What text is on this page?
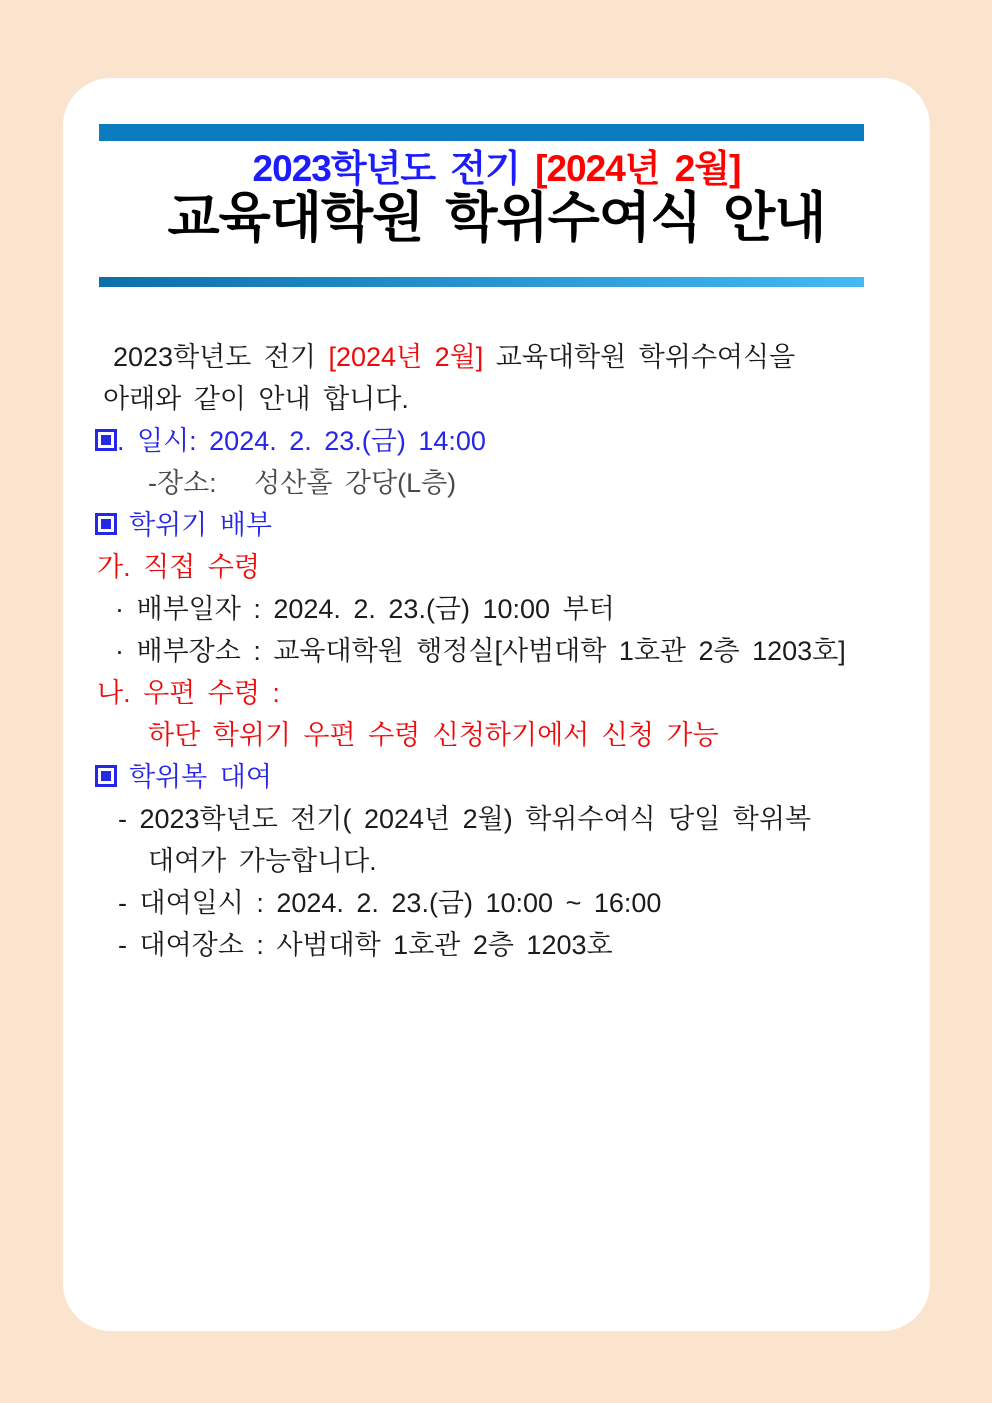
2023학년도 전기 [2024년 2월]
교육대학원 학위수여식 안내

2023학년도 전기 [2024년 2월] 교육대학원 학위수여식을

아래와 같이 안내 합니다.

. 일시: 2024. 2. 23.(금) 14:00

-장소:   성산홀 강당(L층)

학위기 배부

가. 직접 수령

· 배부일자 : 2024. 2. 23.(금) 10:00 부터

· 배부장소 : 교육대학원 행정실[사범대학 1호관 2층 1203호]

나. 우편 수령 :

하단 학위기 우편 수령 신청하기에서 신청 가능

학위복 대여

- 2023학년도 전기( 2024년 2월) 학위수여식 당일 학위복

대여가 가능합니다.

- 대여일시 : 2024. 2. 23.(금) 10:00 ~ 16:00

- 대여장소 : 사범대학 1호관 2층 1203호
